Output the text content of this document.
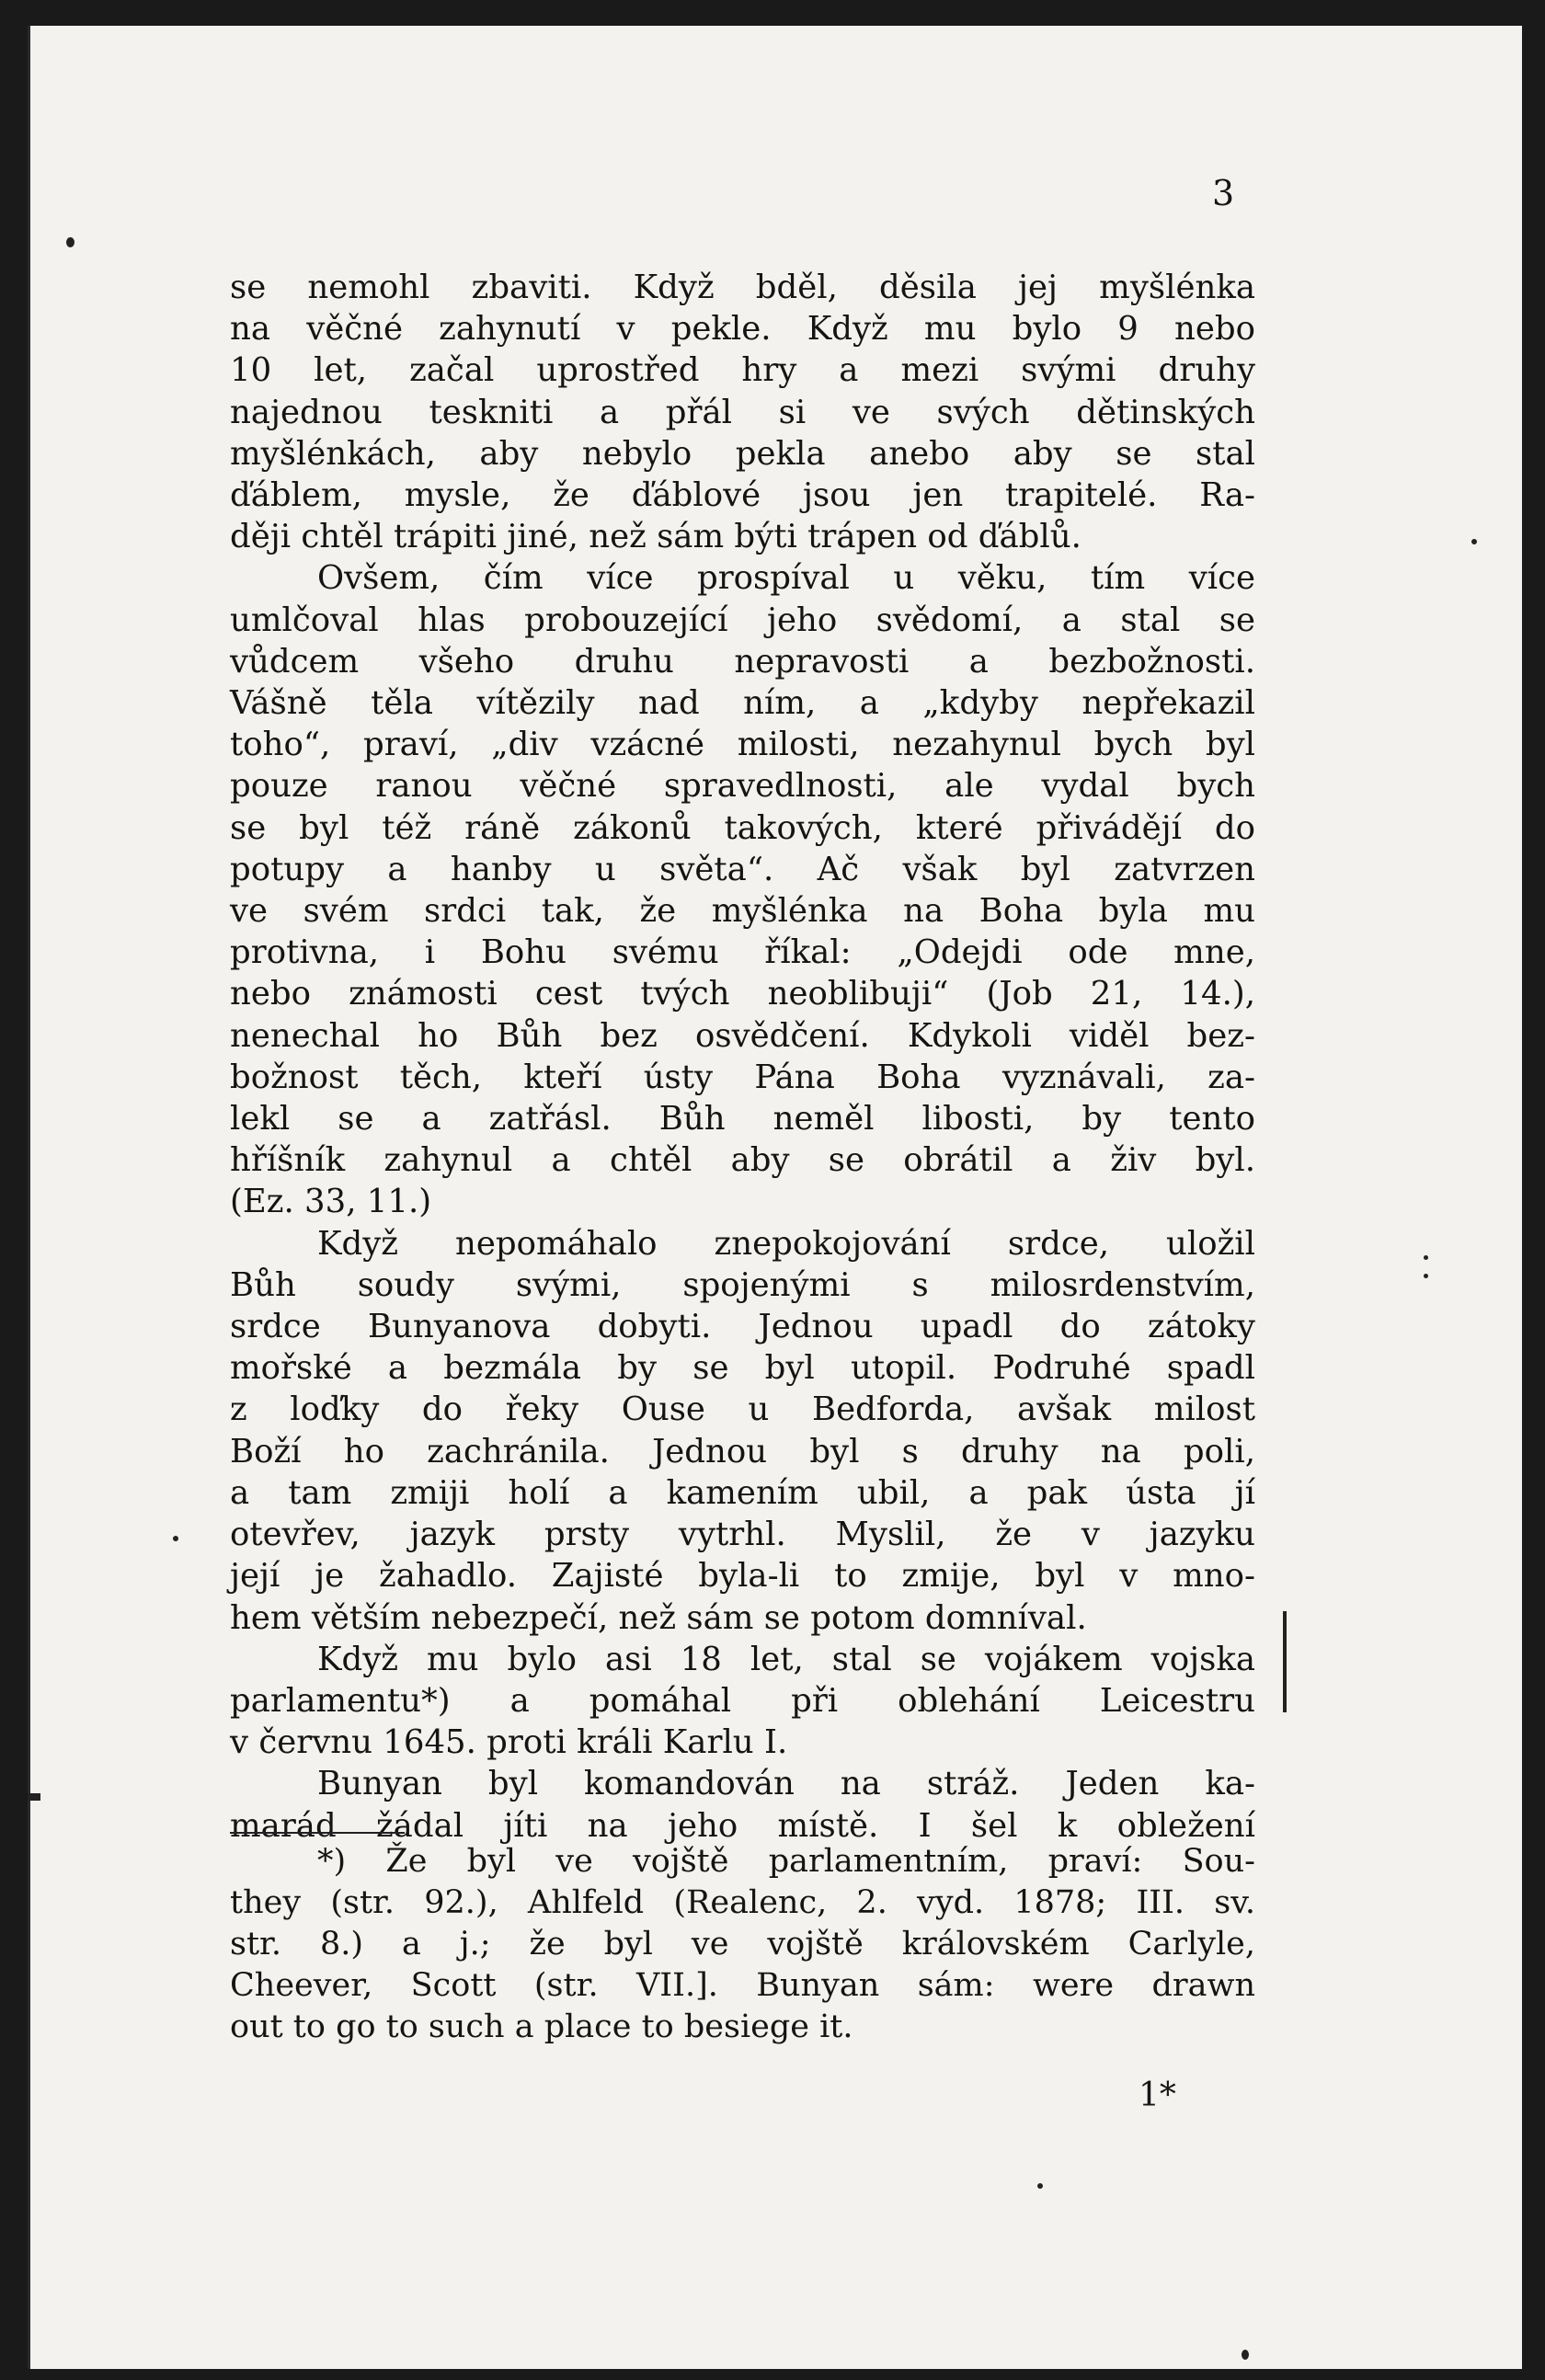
3
se nemohl zbaviti. Když bděl, děsila jej myšlénka
na věčné zahynutí v pekle. Když mu bylo 9 nebo
10 let, začal uprostřed hry a mezi svými druhy
najednou teskniti a přál si ve svých dětinských
myšlénkách, aby nebylo pekla anebo aby se stal
ďáblem, mysle, že ďáblové jsou jen trapitelé. Ra-
ději chtěl trápiti jiné, než sám býti trápen od ďáblů.
Ovšem, čím více prospíval u věku, tím více
umlčoval hlas probouzející jeho svědomí, a stal se
vůdcem všeho druhu nepravosti a bezbožnosti.
Vášně těla vítězily nad ním, a „kdyby nepřekazil
toho“, praví, „div vzácné milosti, nezahynul bych byl
pouze ranou věčné spravedlnosti, ale vydal bych
se byl též ráně zákonů takových, které přivádějí do
potupy a hanby u světa“. Ač však byl zatvrzen
ve svém srdci tak, že myšlénka na Boha byla mu
protivna, i Bohu svému říkal: „Odejdi ode mne,
nebo známosti cest tvých neoblibuji“ (Job 21, 14.),
nenechal ho Bůh bez osvědčení. Kdykoli viděl bez-
božnost těch, kteří ústy Pána Boha vyznávali, za-
lekl se a zatřásl. Bůh neměl libosti, by tento
hříšník zahynul a chtěl aby se obrátil a živ byl.
(Ez. 33, 11.)
Když nepomáhalo znepokojování srdce, uložil
Bůh soudy svými, spojenými s milosrdenstvím,
srdce Bunyanova dobyti. Jednou upadl do zátoky
mořské a bezmála by se byl utopil. Podruhé spadl
z loďky do řeky Ouse u Bedforda, avšak milost
Boží ho zachránila. Jednou byl s druhy na poli,
a tam zmiji holí a kamením ubil, a pak ústa jí
otevřev, jazyk prsty vytrhl. Myslil, že v jazyku
její je žahadlo. Zajisté byla-li to zmije, byl v mno-
hem větším nebezpečí, než sám se potom domníval.
Když mu bylo asi 18 let, stal se vojákem vojska
parlamentu*) a pomáhal při oblehání Leicestru
v červnu 1645. proti králi Karlu I.
Bunyan byl komandován na stráž. Jeden ka-
marád žádal jíti na jeho místě. I šel k obležení
*) Že byl ve vojště parlamentním, praví: Sou-
they (str. 92.), Ahlfeld (Realenc, 2. vyd. 1878; III. sv.
str. 8.) a j.; že byl ve vojště královském Carlyle,
Cheever, Scott (str. VII.]. Bunyan sám: were drawn
out to go to such a place to besiege it.
1*
